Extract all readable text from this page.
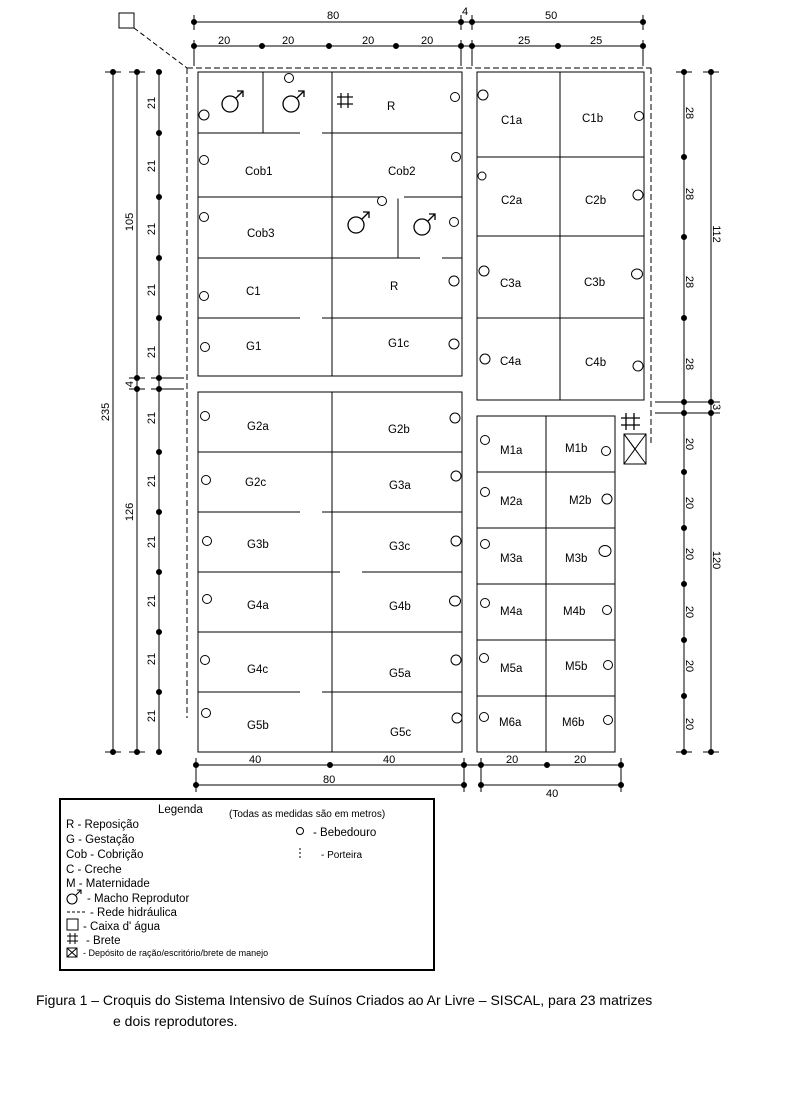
R
Cob1	Cob2
Cob3
C1	R
G1	G1c
G2a	G2b
G2c	G3a
G3b	G3c
G4a	G4b
G4c	G5a
G5b
G5c
C1a	C1b
C2a	C2b
C3a	C3b
C4a	C4b
M1a	M1b
M2a	M2b
M3a	M3b
M4a	M4b
M5a	M5b
M6a	M6b
80	4	50
20	20	20	20	25	25
235
105
126
4
21
21
21
21
21
21
21
21
21
21
21
28
28
28
28
112
3
120
20
20
20
20
20
20
40	40	20	20
80
40
Legenda	(Todas as medidas são em metros)
R - Reposição
G - Gestação
Cob - Cobrição
C - Creche
M - Maternidade
- Macho Reprodutor
- Rede hidráulica
- Caixa d' água
- Brete
- Depósito de ração/escritório/brete de manejo
- Bebedouro
- Porteira
Figura 1 – Croquis do Sistema Intensivo de Suínos Criados ao Ar Livre – SISCAL, para 23 matrizes
e dois reprodutores.
